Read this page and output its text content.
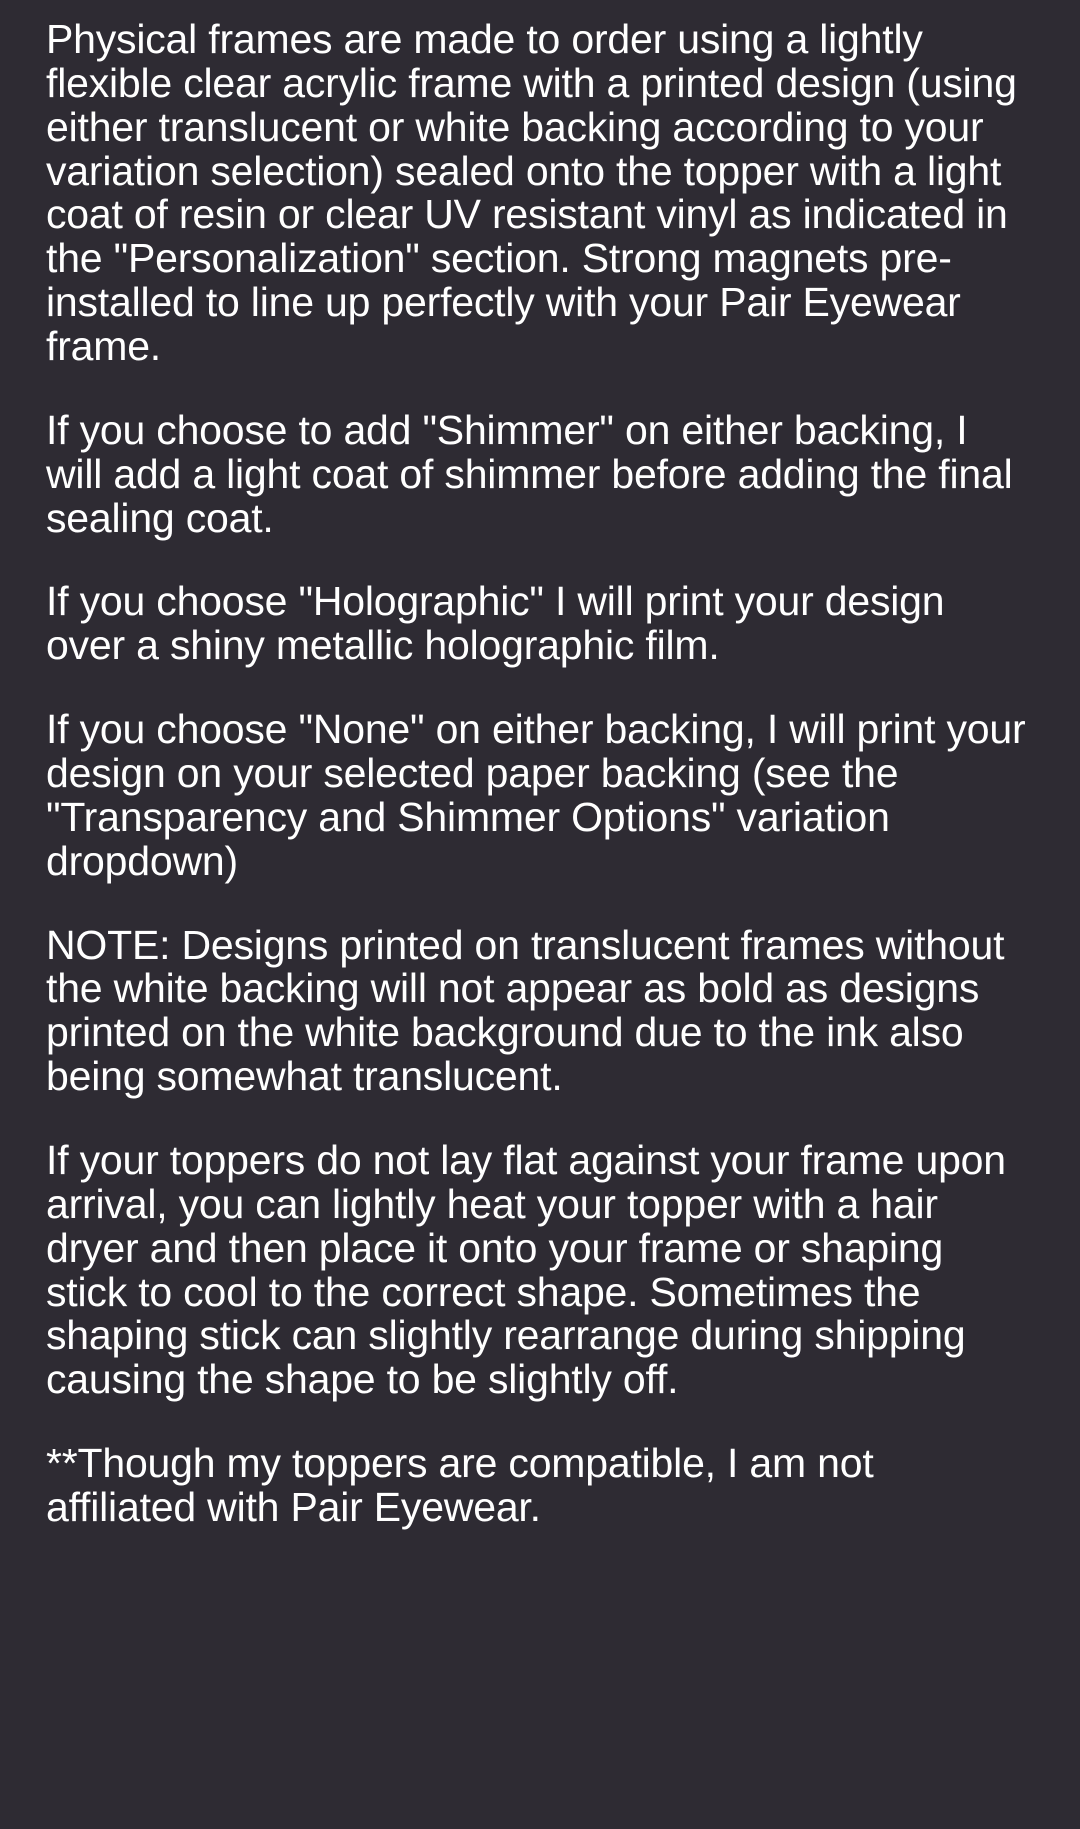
Physical frames are made to order using a lightly flexible clear acrylic frame with a printed design (using either translucent or white backing according to your variation selection) sealed onto the topper with a light coat of resin or clear UV resistant vinyl as indicated in the "Personalization" section. Strong magnets pre-installed to line up perfectly with your Pair Eyewear frame.

If you choose to add "Shimmer" on either backing, I will add a light coat of shimmer before adding the final sealing coat.

If you choose "Holographic" I will print your design over a shiny metallic holographic film.

If you choose "None" on either backing, I will print your design on your selected paper backing (see the "Transparency and Shimmer Options" variation dropdown)

NOTE: Designs printed on translucent frames without the white backing will not appear as bold as designs printed on the white background due to the ink also being somewhat translucent.

If your toppers do not lay flat against your frame upon arrival, you can lightly heat your topper with a hair dryer and then place it onto your frame or shaping stick to cool to the correct shape. Sometimes the shaping stick can slightly rearrange during shipping causing the shape to be slightly off.

**Though my toppers are compatible, I am not affiliated with Pair Eyewear.
